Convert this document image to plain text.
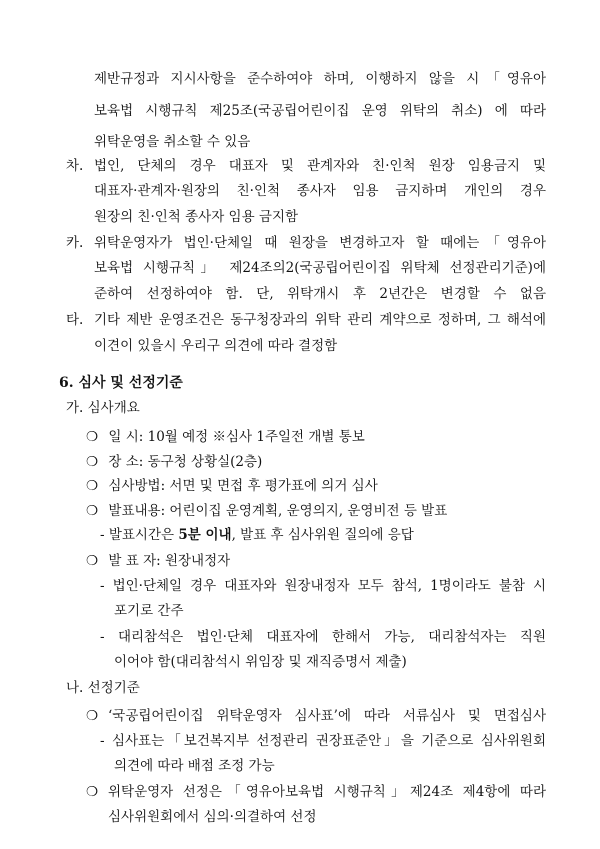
제반규정과 지시사항을 준수하여야 하며, 이행하지 않을 시「영유아
보육법 시행규칙 제25조(국공립어린이집 운영 위탁의 취소) 에 따라
위탁운영을 취소할 수 있음
차. 법인, 단체의 경우 대표자 및 관계자와 친·인척 원장 임용금지 및
대표자·관계자·원장의 친·인척 종사자 임용 금지하며 개인의 경우
원장의 친·인척 종사자 임용 금지함
카. 위탁운영자가 법인·단체일 때 원장을 변경하고자 할 때에는「영유아
보육법 시행규칙」 제24조의2(국공립어린이집 위탁체 선정관리기준)에
준하여 선정하여야 함. 단, 위탁개시 후 2년간은 변경할 수 없음
타. 기타 제반 운영조건은 동구청장과의 위탁 관리 계약으로 정하며, 그 해석에
이견이 있을시 우리구 의견에 따라 결정함
6. 심사 및 선정기준
가. 심사개요
❍ 일 시: 10월 예정 ※심사 1주일전 개별 통보
❍ 장 소: 동구청 상황실(2층)
❍ 심사방법: 서면 및 면접 후 평가표에 의거 심사
❍ 발표내용: 어린이집 운영계획, 운영의지, 운영비전 등 발표
- 발표시간은 5분 이내, 발표 후 심사위원 질의에 응답
❍ 발 표 자: 원장내정자
- 법인·단체일 경우 대표자와 원장내정자 모두 참석, 1명이라도 불참 시
포기로 간주
- 대리참석은 법인·단체 대표자에 한해서 가능, 대리참석자는 직원
이어야 함(대리참석시 위임장 및 재직증명서 제출)
나. 선정기준
❍ ‘국공립어린이집 위탁운영자 심사표’에 따라 서류심사 및 면접심사
- 심사표는「보건복지부 선정관리 권장표준안」을 기준으로 심사위원회
의견에 따라 배점 조정 가능
❍ 위탁운영자 선정은「영유아보육법 시행규칙」제24조 제4항에 따라
심사위원회에서 심의·의결하여 선정
